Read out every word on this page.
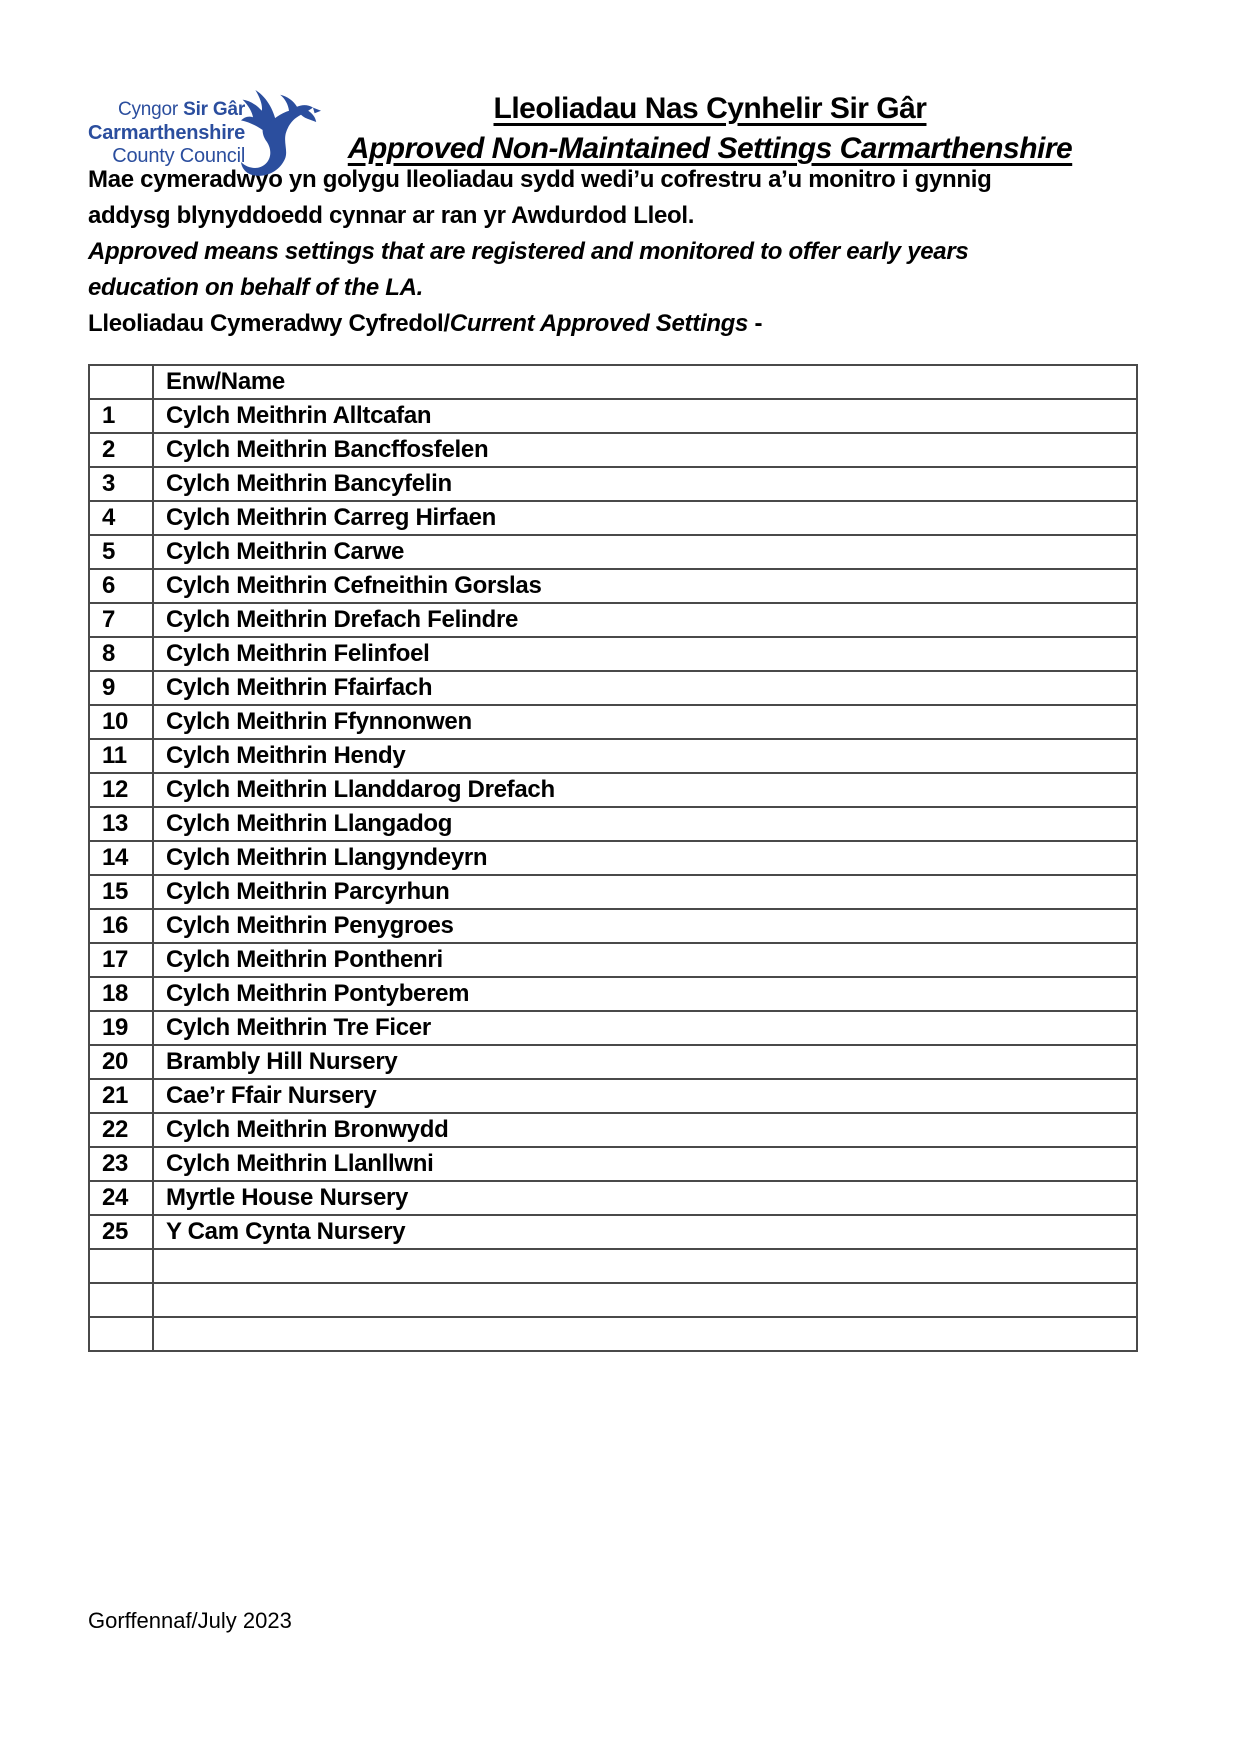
Cyngor Sir Gâr
Carmarthenshire
County Council
Lleoliadau Nas Cynhelir Sir Gâr
Approved Non-Maintained Settings Carmarthenshire

Mae cymeradwyo yn golygu lleoliadau sydd wedi’u cofrestru a’u monitro i gynnig addysg blynyddoedd cynnar ar ran yr Awdurdod Lleol.

Approved means settings that are registered and monitored to offer early years education on behalf of the LA.

Lleoliadau Cymeradwy Cyfredol/Current Approved Settings -

	Enw/Name
1	Cylch Meithrin Alltcafan
2	Cylch Meithrin Bancffosfelen
3	Cylch Meithrin Bancyfelin
4	Cylch Meithrin Carreg Hirfaen
5	Cylch Meithrin Carwe
6	Cylch Meithrin Cefneithin Gorslas
7	Cylch Meithrin Drefach Felindre
8	Cylch Meithrin Felinfoel
9	Cylch Meithrin Ffairfach
10	Cylch Meithrin Ffynnonwen
11	Cylch Meithrin Hendy
12	Cylch Meithrin Llanddarog Drefach
13	Cylch Meithrin Llangadog
14	Cylch Meithrin Llangyndeyrn
15	Cylch Meithrin Parcyrhun
16	Cylch Meithrin Penygroes
17	Cylch Meithrin Ponthenri
18	Cylch Meithrin Pontyberem
19	Cylch Meithrin Tre Ficer
20	Brambly Hill Nursery
21	Cae’r Ffair Nursery
22	Cylch Meithrin Bronwydd
23	Cylch Meithrin Llanllwni
24	Myrtle House Nursery
25	Y Cam Cynta Nursery

Gorffennaf/July 2023
